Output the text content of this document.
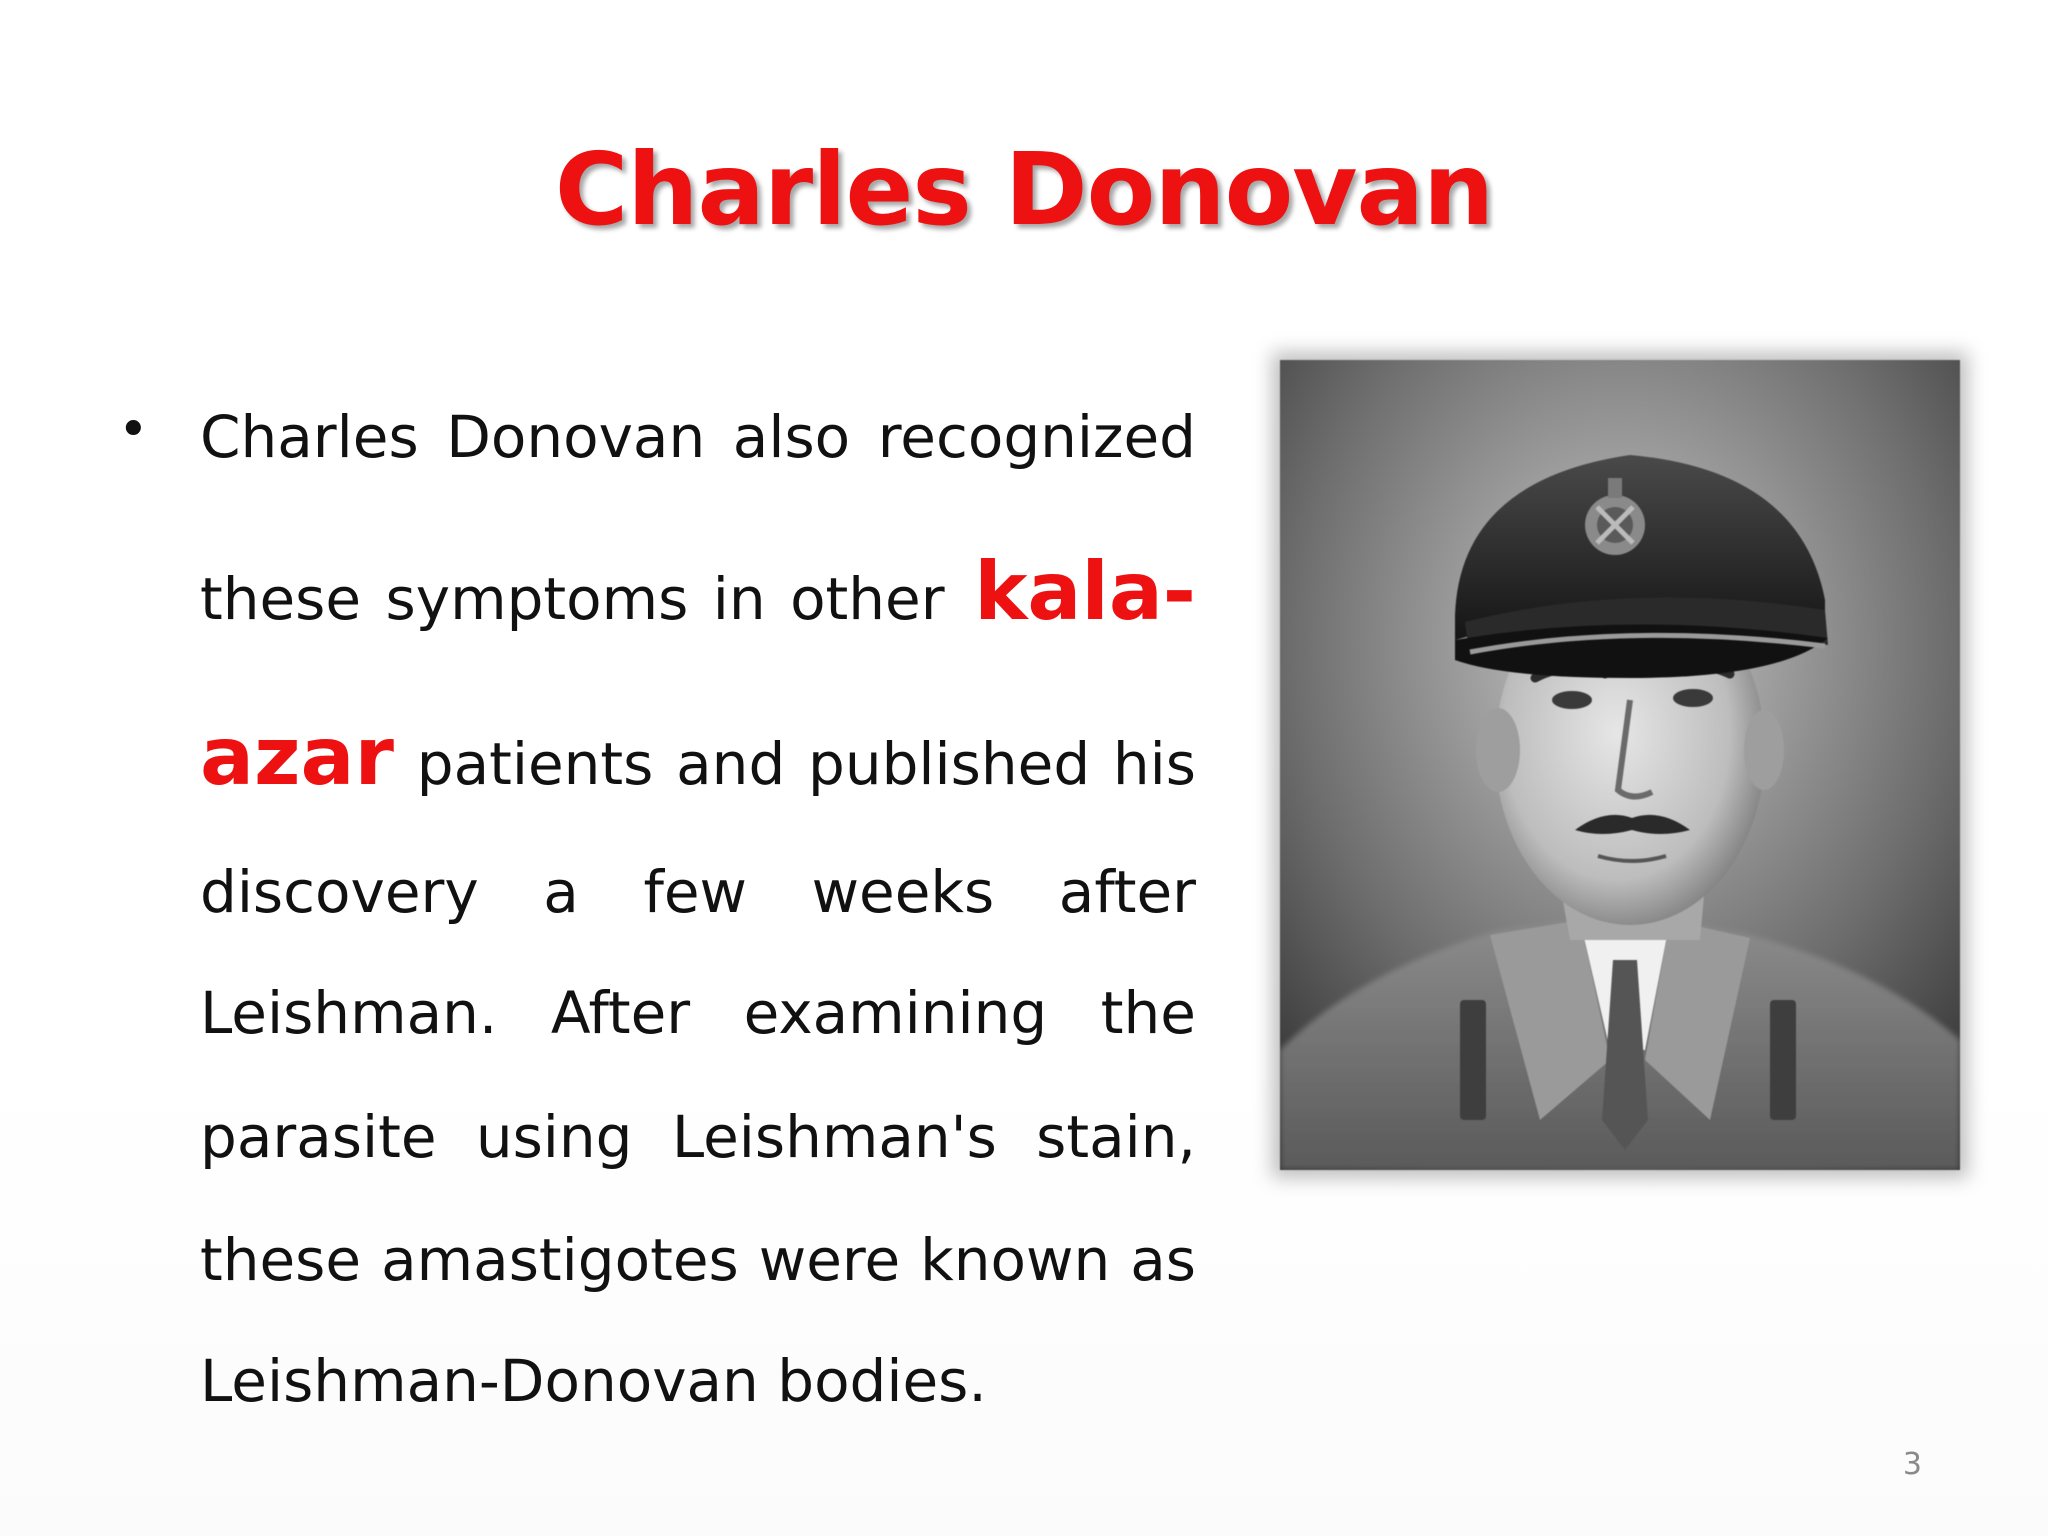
Charles Donovan
• Charles Donovan also recognized
these symptoms in other kala-
azar patients and published his
discovery a few weeks after
Leishman. After examining the
parasite using Leishman's stain,
these amastigotes were known as
Leishman-Donovan bodies.
3
